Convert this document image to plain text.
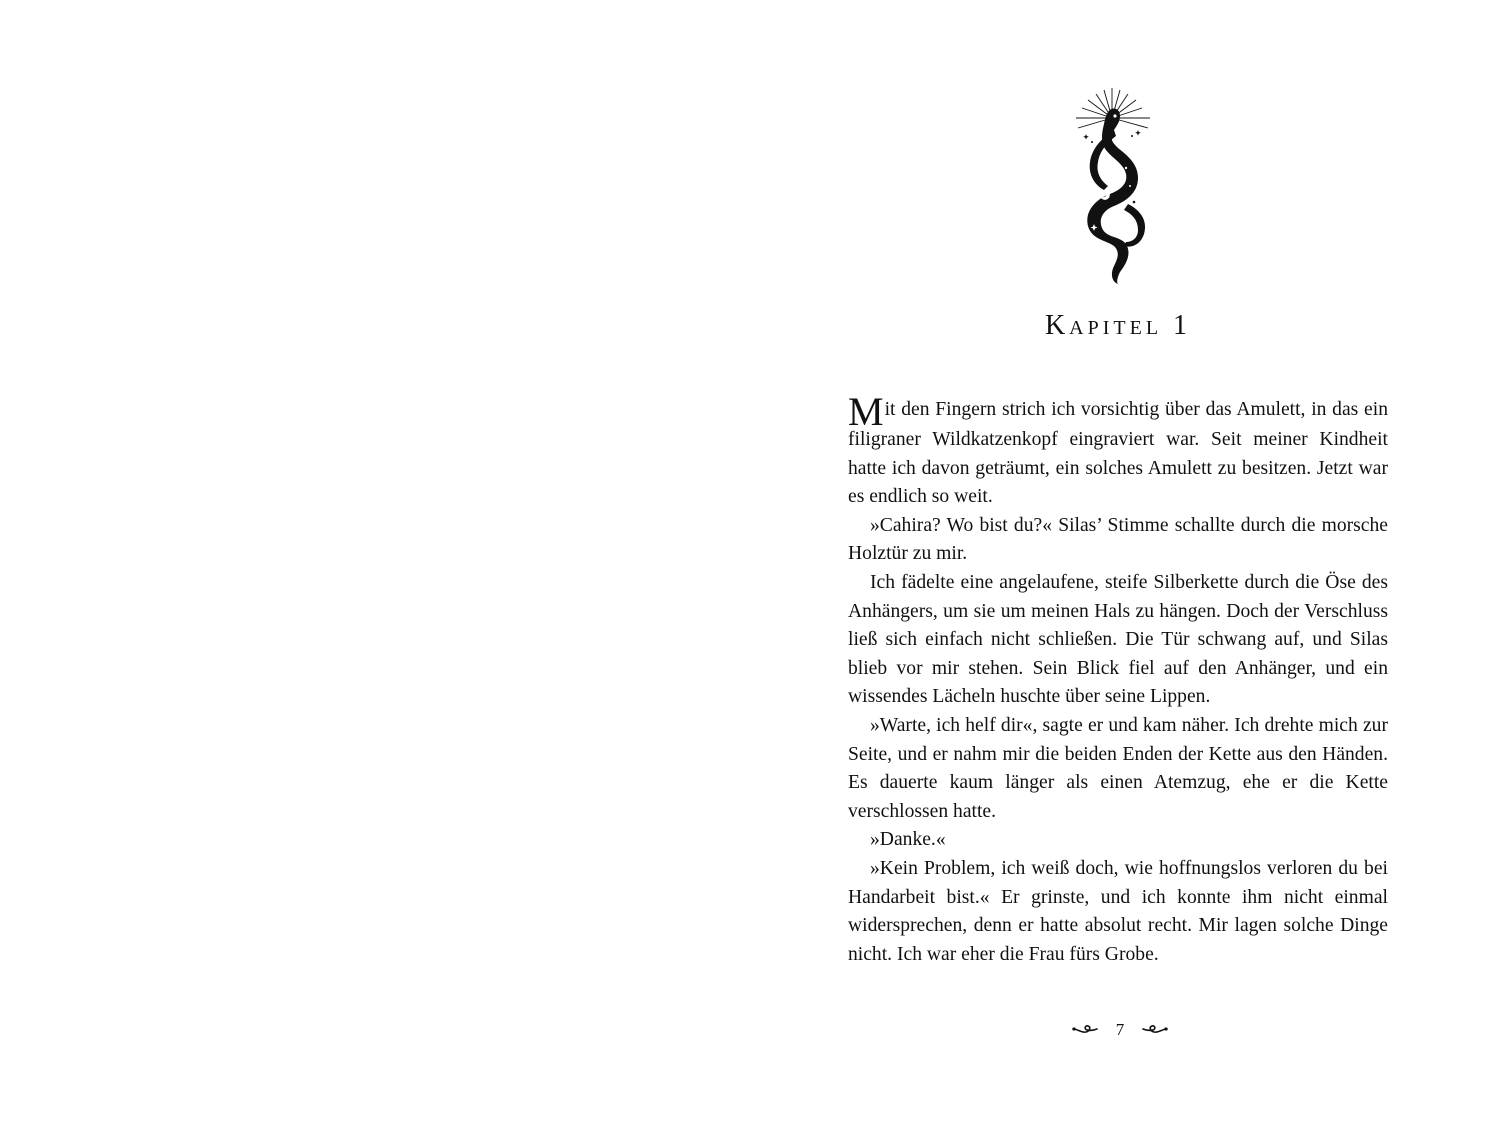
Kapitel 1

Mit den Fingern strich ich vorsichtig über das Amulett, in das ein filigraner Wildkatzenkopf eingraviert war. Seit meiner Kindheit hatte ich davon geträumt, ein solches Amulett zu besitzen. Jetzt war es endlich so weit.

»Cahira? Wo bist du?« Silas’ Stimme schallte durch die morsche Holztür zu mir.

Ich fädelte eine angelaufene, steife Silberkette durch die Öse des Anhängers, um sie um meinen Hals zu hängen. Doch der Verschluss ließ sich einfach nicht schließen. Die Tür schwang auf, und Silas blieb vor mir stehen. Sein Blick fiel auf den Anhänger, und ein wissendes Lächeln huschte über seine Lippen.

»Warte, ich helf dir«, sagte er und kam näher. Ich drehte mich zur Seite, und er nahm mir die beiden Enden der Kette aus den Händen. Es dauerte kaum länger als einen Atemzug, ehe er die Kette verschlossen hatte.

»Danke.«

»Kein Problem, ich weiß doch, wie hoffnungslos verloren du bei Handarbeit bist.« Er grinste, und ich konnte ihm nicht einmal widersprechen, denn er hatte absolut recht. Mir lagen solche Dinge nicht. Ich war eher die Frau fürs Grobe.

7
